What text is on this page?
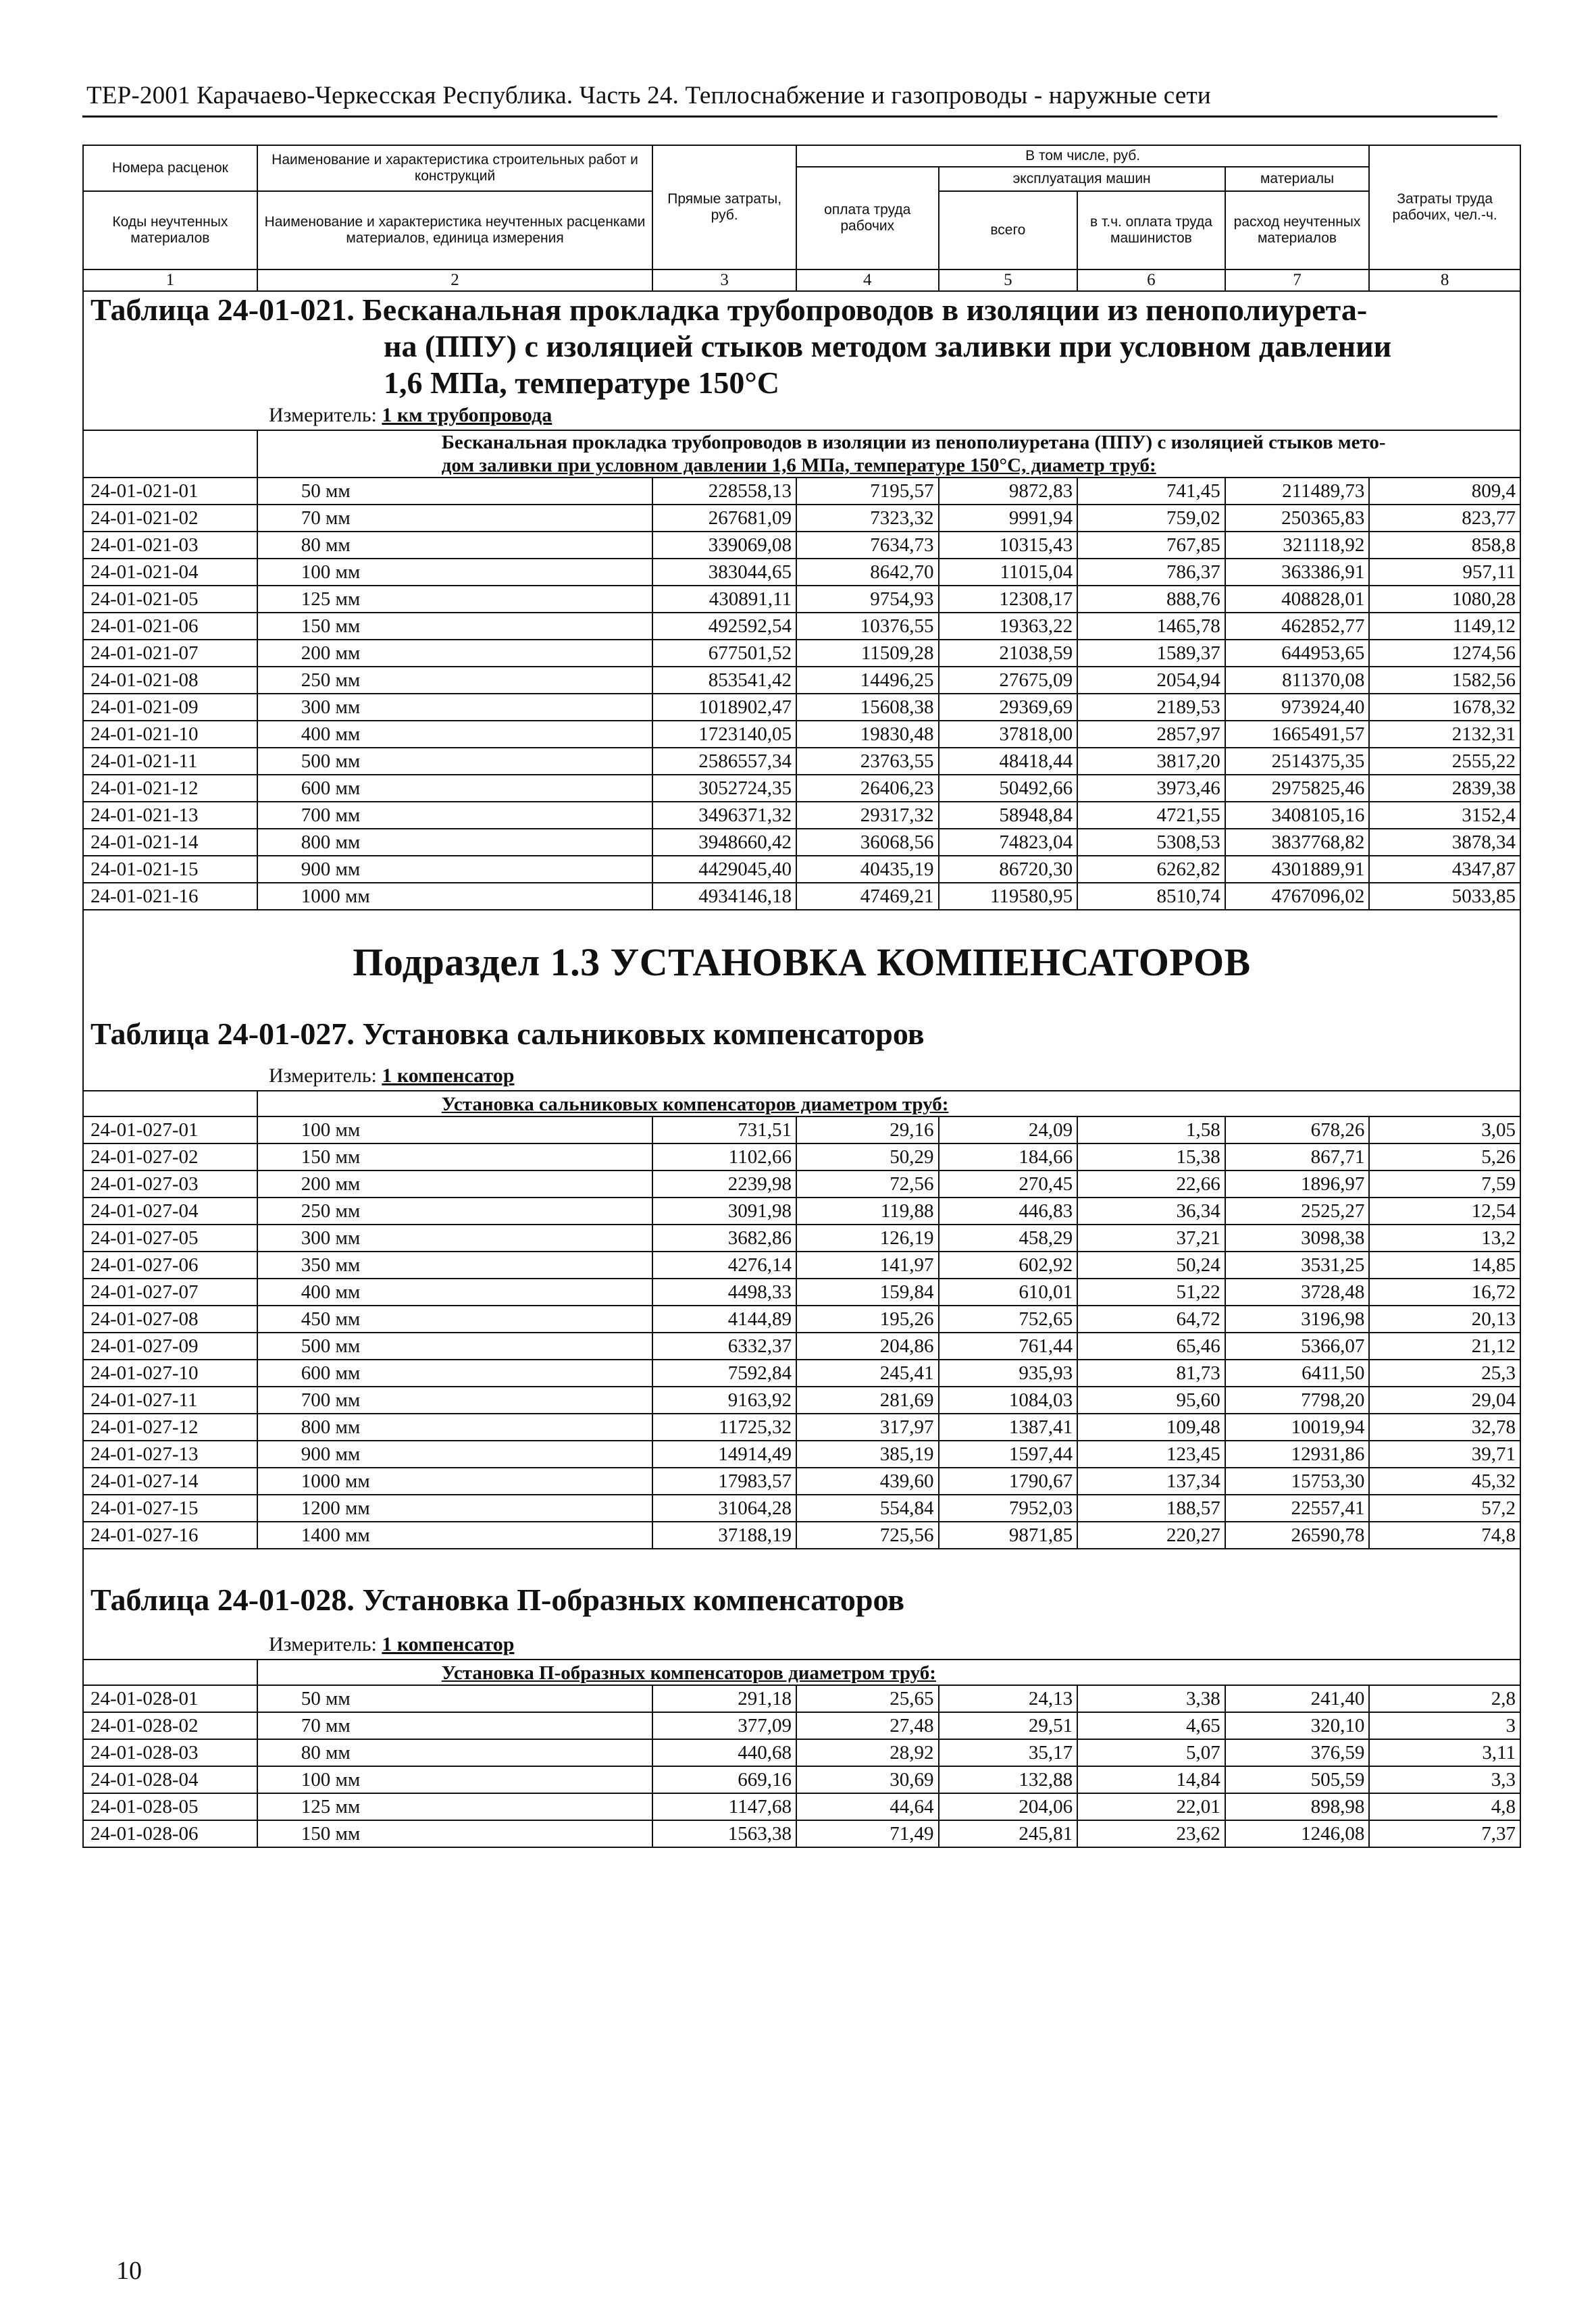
ТЕР-2001 Карачаево-Черкесская Республика. Часть 24. Теплоснабжение и газопроводы - наружные сети
Номера расценок	Наименование и характеристика строительных работ и конструкций	Прямые затраты, руб.	В том числе, руб.				Затраты труда рабочих, чел.-ч.
			оплата труда рабочих	эксплуатация машин		материалы	
Коды неучтенных материалов	Наименование и характеристика неучтенных расценками материалов, единица измерения			всего	в т.ч. оплата труда машинистов	расход неучтенных материалов	

1	2	3	4	5	6	7	8

Таблица 24-01-021. Бесканальная прокладка трубопроводов в изоляции из пенополиурета-
на (ППУ) с изоляцией стыков методом заливки при условном давлении
1,6 МПа, температуре 150°С							

Измеритель: 1 км трубопровода							

	Бесканальная прокладка трубопроводов в изоляции из пенополиуретана (ППУ) с изоляцией стыков мето-
дом заливки при условном давлении 1,6 МПа, температуре 150°С, диаметр труб:						

24-01-021-01	50 мм	228558,13	7195,57	9872,83	741,45	211489,73	809,4
24-01-021-02	70 мм	267681,09	7323,32	9991,94	759,02	250365,83	823,77
24-01-021-03	80 мм	339069,08	7634,73	10315,43	767,85	321118,92	858,8
24-01-021-04	100 мм	383044,65	8642,70	11015,04	786,37	363386,91	957,11
24-01-021-05	125 мм	430891,11	9754,93	12308,17	888,76	408828,01	1080,28
24-01-021-06	150 мм	492592,54	10376,55	19363,22	1465,78	462852,77	1149,12
24-01-021-07	200 мм	677501,52	11509,28	21038,59	1589,37	644953,65	1274,56
24-01-021-08	250 мм	853541,42	14496,25	27675,09	2054,94	811370,08	1582,56
24-01-021-09	300 мм	1018902,47	15608,38	29369,69	2189,53	973924,40	1678,32
24-01-021-10	400 мм	1723140,05	19830,48	37818,00	2857,97	1665491,57	2132,31
24-01-021-11	500 мм	2586557,34	23763,55	48418,44	3817,20	2514375,35	2555,22
24-01-021-12	600 мм	3052724,35	26406,23	50492,66	3973,46	2975825,46	2839,38
24-01-021-13	700 мм	3496371,32	29317,32	58948,84	4721,55	3408105,16	3152,4
24-01-021-14	800 мм	3948660,42	36068,56	74823,04	5308,53	3837768,82	3878,34
24-01-021-15	900 мм	4429045,40	40435,19	86720,30	6262,82	4301889,91	4347,87
24-01-021-16	1000 мм	4934146,18	47469,21	119580,95	8510,74	4767096,02	5033,85

Подраздел 1.3 УСТАНОВКА КОМПЕНСАТОРОВ							

Таблица 24-01-027. Установка сальниковых компенсаторов							

Измеритель: 1 компенсатор							

	Установка сальниковых компенсаторов диаметром труб:						

24-01-027-01	100 мм	731,51	29,16	24,09	1,58	678,26	3,05
24-01-027-02	150 мм	1102,66	50,29	184,66	15,38	867,71	5,26
24-01-027-03	200 мм	2239,98	72,56	270,45	22,66	1896,97	7,59
24-01-027-04	250 мм	3091,98	119,88	446,83	36,34	2525,27	12,54
24-01-027-05	300 мм	3682,86	126,19	458,29	37,21	3098,38	13,2
24-01-027-06	350 мм	4276,14	141,97	602,92	50,24	3531,25	14,85
24-01-027-07	400 мм	4498,33	159,84	610,01	51,22	3728,48	16,72
24-01-027-08	450 мм	4144,89	195,26	752,65	64,72	3196,98	20,13
24-01-027-09	500 мм	6332,37	204,86	761,44	65,46	5366,07	21,12
24-01-027-10	600 мм	7592,84	245,41	935,93	81,73	6411,50	25,3
24-01-027-11	700 мм	9163,92	281,69	1084,03	95,60	7798,20	29,04
24-01-027-12	800 мм	11725,32	317,97	1387,41	109,48	10019,94	32,78
24-01-027-13	900 мм	14914,49	385,19	1597,44	123,45	12931,86	39,71
24-01-027-14	1000 мм	17983,57	439,60	1790,67	137,34	15753,30	45,32
24-01-027-15	1200 мм	31064,28	554,84	7952,03	188,57	22557,41	57,2
24-01-027-16	1400 мм	37188,19	725,56	9871,85	220,27	26590,78	74,8

Таблица 24-01-028. Установка П-образных компенсаторов							

Измеритель: 1 компенсатор							

	Установка П-образных компенсаторов диаметром труб:						

24-01-028-01	50 мм	291,18	25,65	24,13	3,38	241,40	2,8
24-01-028-02	70 мм	377,09	27,48	29,51	4,65	320,10	3
24-01-028-03	80 мм	440,68	28,92	35,17	5,07	376,59	3,11
24-01-028-04	100 мм	669,16	30,69	132,88	14,84	505,59	3,3
24-01-028-05	125 мм	1147,68	44,64	204,06	22,01	898,98	4,8
24-01-028-06	150 мм	1563,38	71,49	245,81	23,62	1246,08	7,37
10
